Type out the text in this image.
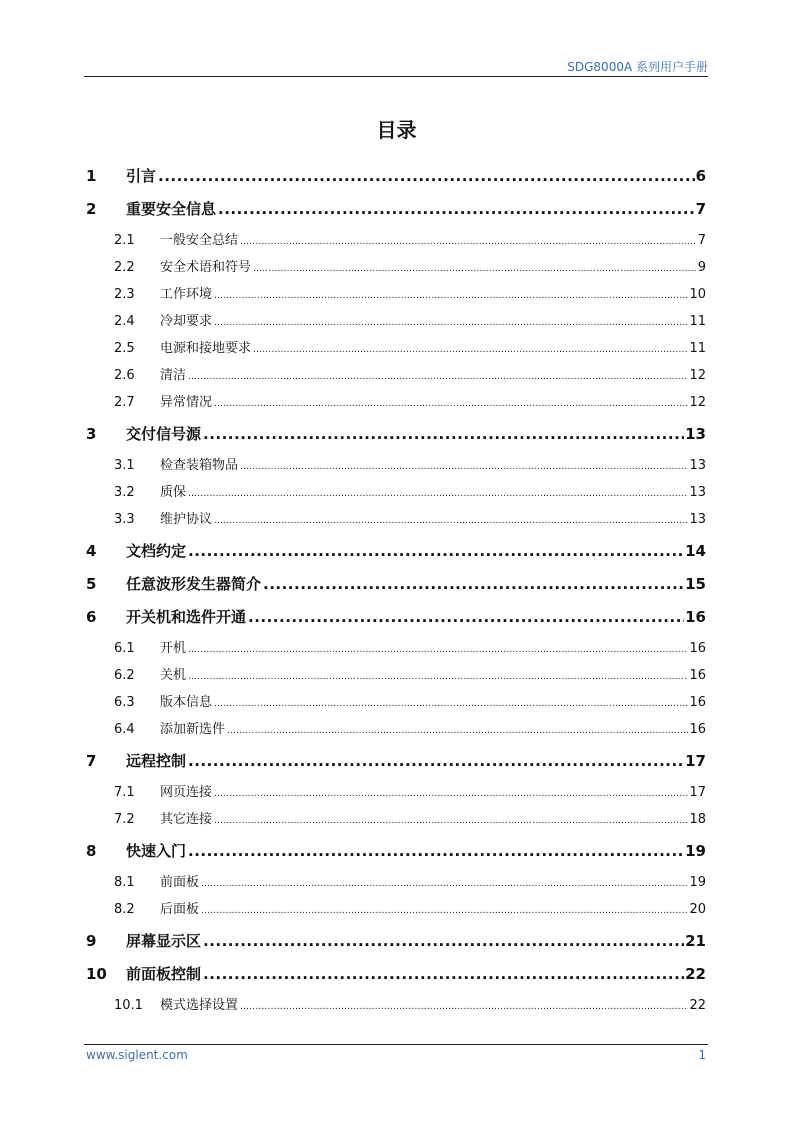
SDG8000A 系列用户手册
目录
1	引言 .....	6
2	重要安全信息 .....	7
2.1	一般安全总结 .....	7
2.2	安全术语和符号 .....	9
2.3	工作环境 .....	10
2.4	冷却要求 .....	11
2.5	电源和接地要求 .....	11
2.6	清洁 .....	12
2.7	异常情况 .....	12
3	交付信号源 .....	13
3.1	检查装箱物品 .....	13
3.2	质保 .....	13
3.3	维护协议 .....	13
4	文档约定 .....	14
5	任意波形发生器简介 .....	15
6	开关机和选件开通 .....	16
6.1	开机 .....	16
6.2	关机 .....	16
6.3	版本信息 .....	16
6.4	添加新选件 .....	16
7	远程控制 .....	17
7.1	网页连接 .....	17
7.2	其它连接 .....	18
8	快速入门 .....	19
8.1	前面板 .....	19
8.2	后面板 .....	20
9	屏幕显示区 .....	21
10	前面板控制 .....	22
10.1	模式选择设置 .....	22
www.siglent.com	1
